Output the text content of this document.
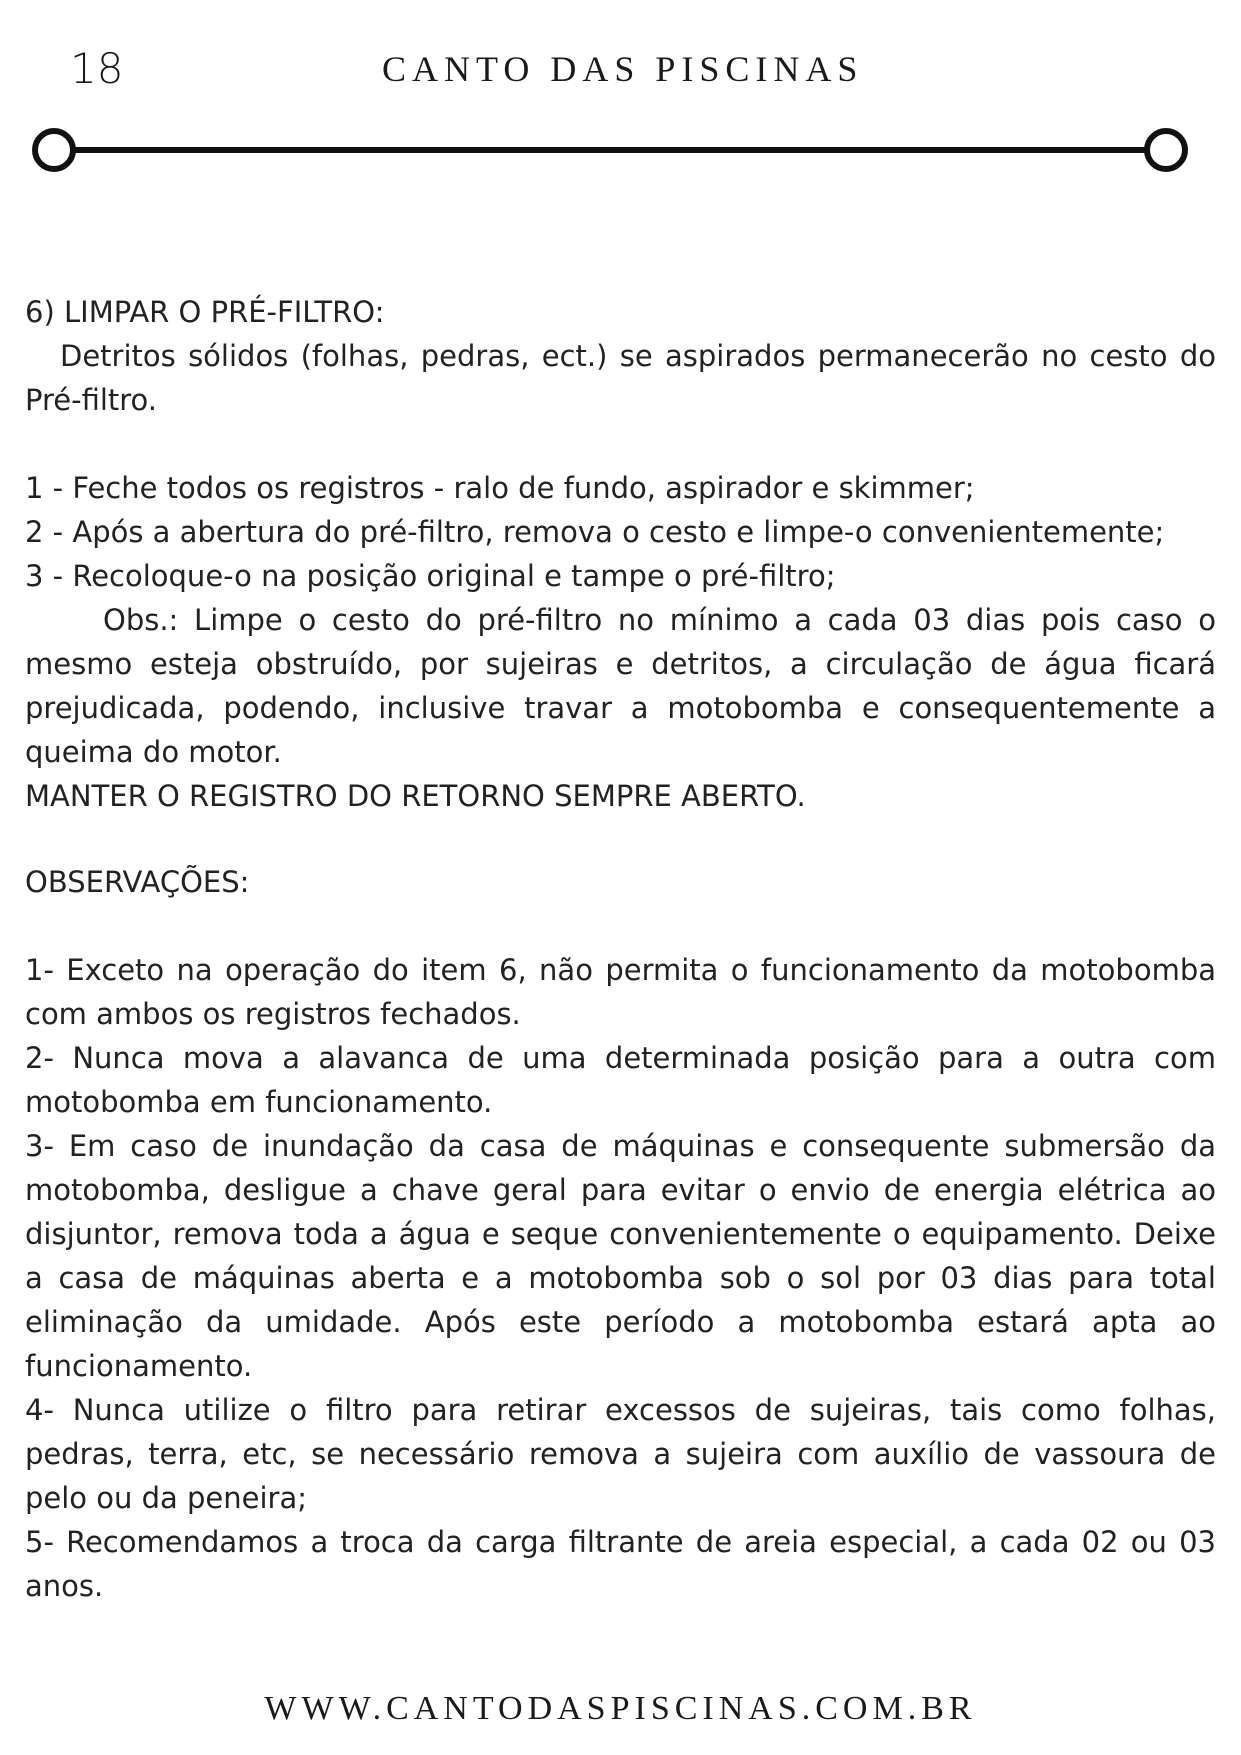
18	CANTO DAS PISCINAS

6) LIMPAR O PRÉ-FILTRO:

Detritos sólidos (folhas, pedras, ect.) se aspirados permanecerão no cesto do Pré-filtro.

1 - Feche todos os registros - ralo de fundo, aspirador e skimmer;

2 - Após a abertura do pré-filtro, remova o cesto e limpe-o convenientemente;

3 - Recoloque-o na posição original e tampe o pré-filtro;

Obs.: Limpe o cesto do pré-filtro no mínimo a cada 03 dias pois caso o mesmo esteja obstruído, por sujeiras e detritos, a circulação de água ficará prejudicada, podendo, inclusive travar a motobomba e consequentemente a queima do motor.

MANTER O REGISTRO DO RETORNO SEMPRE ABERTO.

OBSERVAÇÕES:

1- Exceto na operação do item 6, não permita o funcionamento da motobomba com ambos os registros fechados.

2- Nunca mova a alavanca de uma determinada posição para a outra com motobomba em funcionamento.

3- Em caso de inundação da casa de máquinas e consequente submersão da motobomba, desligue a chave geral para evitar o envio de energia elétrica ao disjuntor, remova toda a água e seque convenientemente o equipamento. Deixe a casa de máquinas aberta e a motobomba sob o sol por 03 dias para total eliminação da umidade. Após este período a motobomba estará apta ao funcionamento.

4- Nunca utilize o filtro para retirar excessos de sujeiras, tais como folhas, pedras, terra, etc, se necessário remova a sujeira com auxílio de vassoura de pelo ou da peneira;

5- Recomendamos a troca da carga filtrante de areia especial, a cada 02 ou 03 anos.

WWW.CANTODASPISCINAS.COM.BR
